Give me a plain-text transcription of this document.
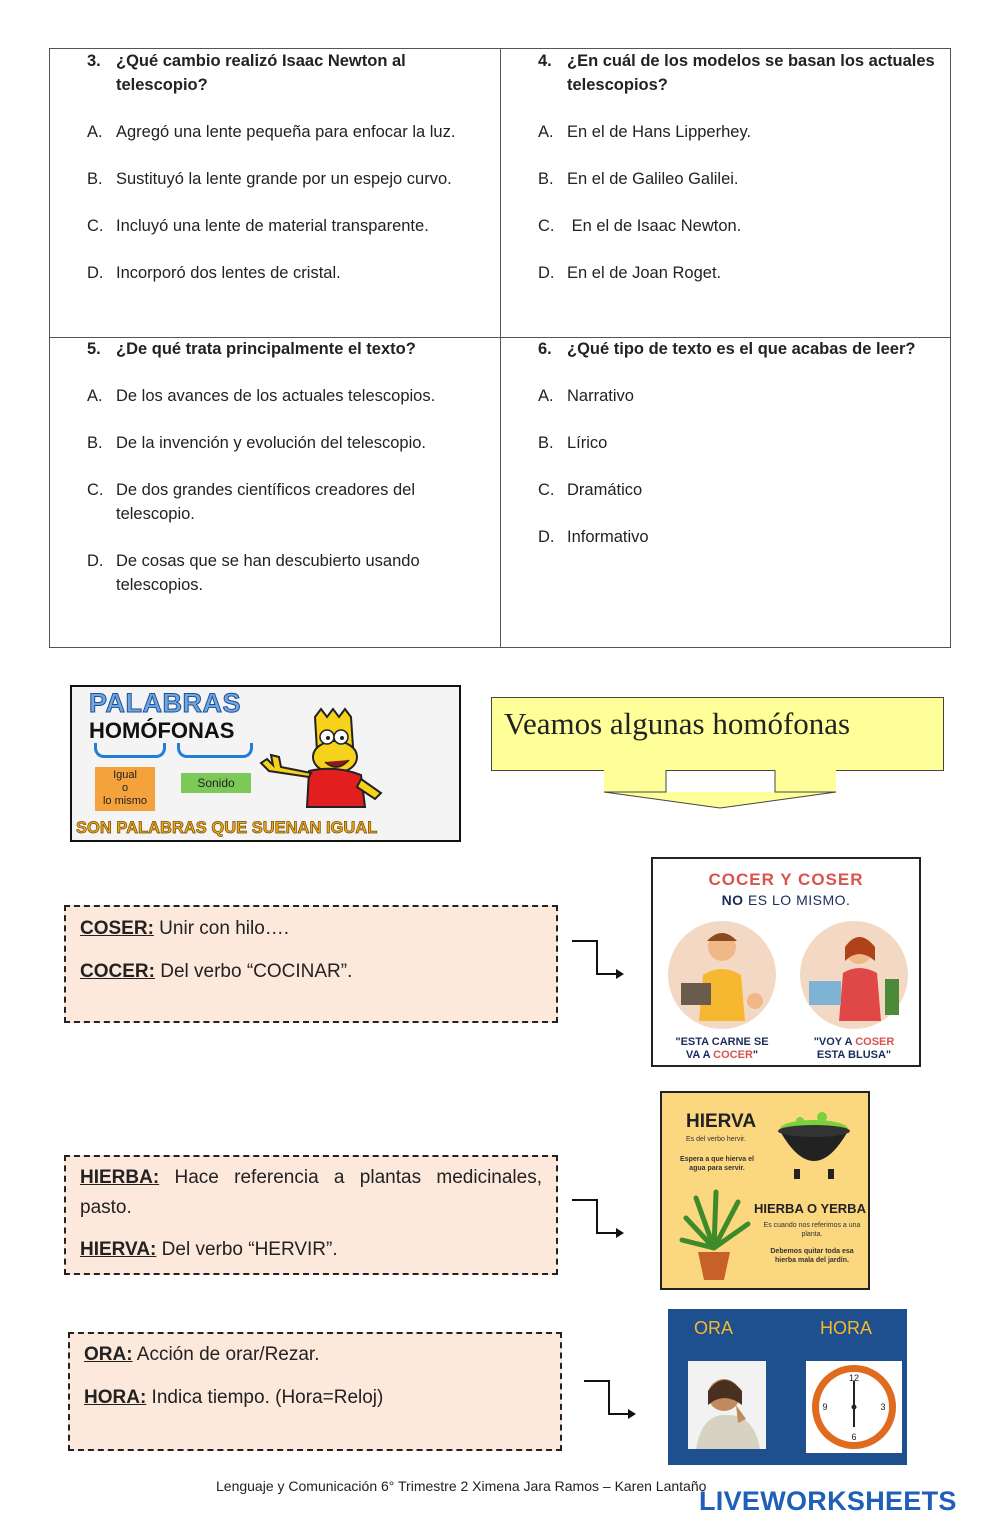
3. ¿Qué cambio realizó Isaac Newton al telescopio?
A. Agregó una lente pequeña para enfocar la luz.
B. Sustituyó la lente grande por un espejo curvo.
C. Incluyó una lente de material transparente.
D. Incorporó dos lentes de cristal.
4. ¿En cuál de los modelos se basan los actuales telescopios?
A. En el de Hans Lipperhey.
B. En el de Galileo Galilei.
C. En el de Isaac Newton.
D. En el de Joan Roget.
5. ¿De qué trata principalmente el texto?
A. De los avances de los actuales telescopios.
B. De la invención y evolución del telescopio.
C. De dos grandes científicos creadores del telescopio.
D. De cosas que se han descubierto usando telescopios.
6. ¿Qué tipo de texto es el que acabas de leer?
A. Narrativo
B. Lírico
C. Dramático
D. Informativo
PALABRAS
HOMÓFONAS
Igual
o
lo mismo
Sonido
SON PALABRAS QUE SUENAN IGUAL
Veamos algunas homófonas

COSER: Unir con hilo….

COCER: Del verbo “COCINAR”.

COCER Y COSER
NO ES LO MISMO.
"ESTA CARNE SE
VA A COCER"
"VOY A COSER
ESTA BLUSA"

HIERBA: Hace referencia a plantas medicinales, pasto.

HIERVA: Del verbo “HERVIR”.

HIERVA
Es del verbo hervir.
Espera a que hierva el agua para servir.
HIERBA O YERBA
Es cuando nos referimos a una planta.
Debemos quitar toda esa hierba mala del jardín.

ORA: Acción de orar/Rezar.

HORA: Indica tiempo. (Hora=Reloj)

ORA	HORA
12
6
3
9
Lenguaje y Comunicación 6° Trimestre 2 Ximena Jara Ramos – Karen Lantaño
LIVEWORKSHEETS
